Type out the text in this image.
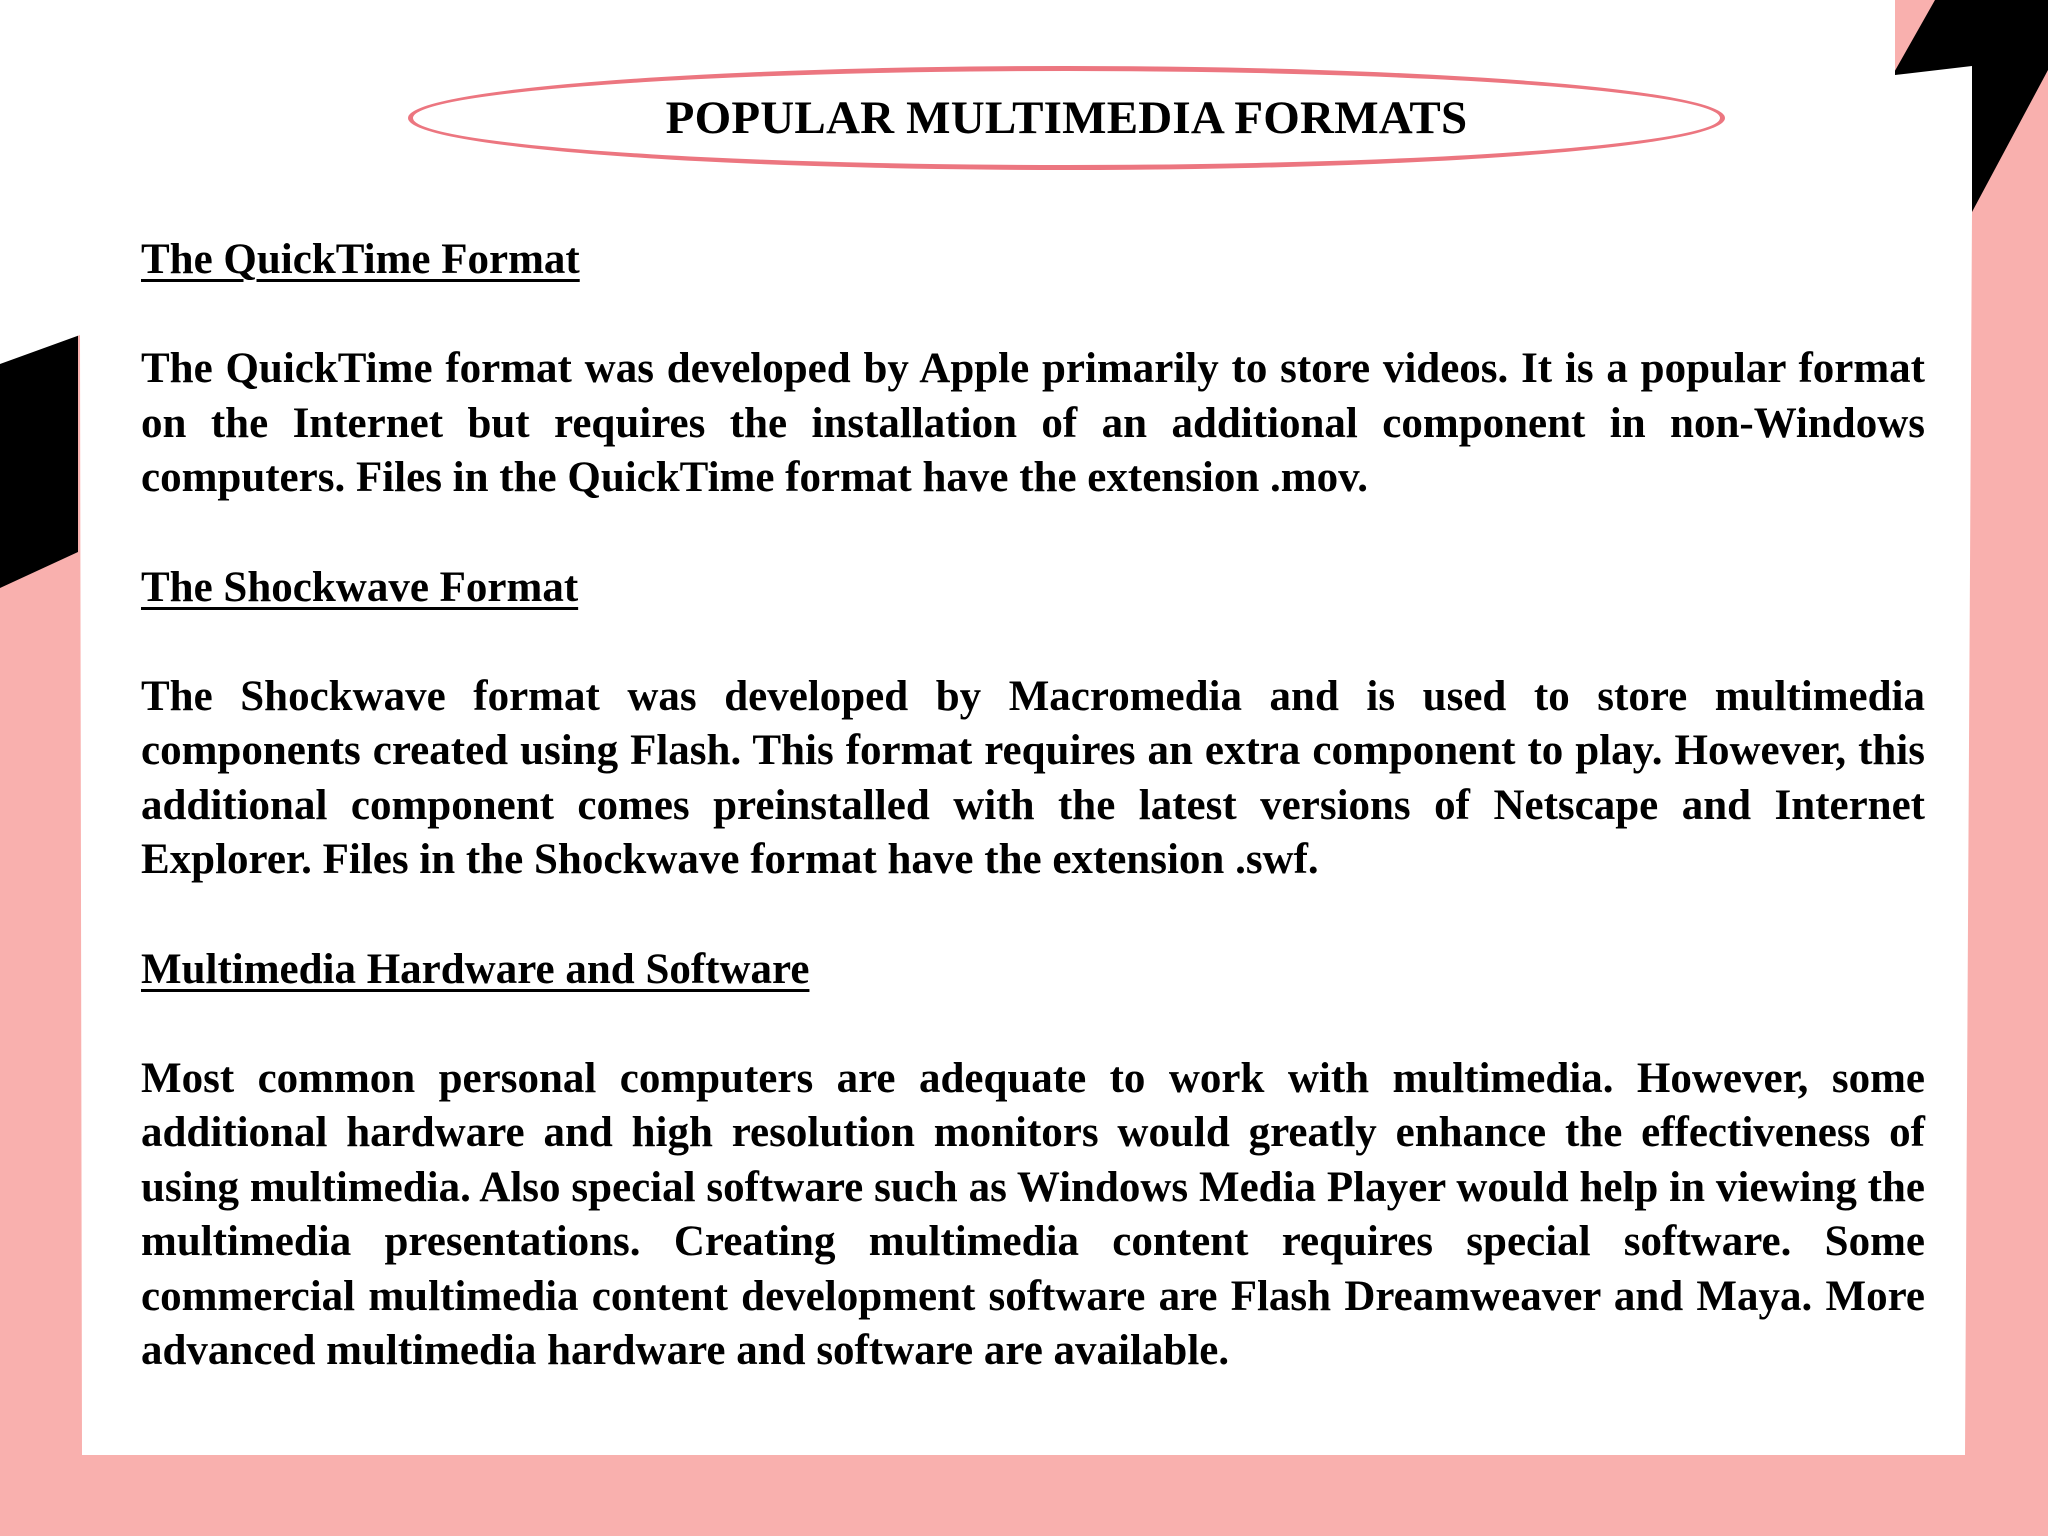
POPULAR MULTIMEDIA FORMATS
The QuickTime Format

The QuickTime format was developed by Apple primarily to store videos. It is a popular format on the Internet but requires the installation of an additional component in non-Windows computers. Files in the QuickTime format have the extension .mov.

The Shockwave Format

The Shockwave format was developed by Macromedia and is used to store multimedia components created using Flash. This format requires an extra component to play. However, this additional component comes preinstalled with the latest versions of Netscape and Internet Explorer. Files in the Shockwave format have the extension .swf.

Multimedia Hardware and Software

Most common personal computers are adequate to work with multimedia. However, some additional hardware and high resolution monitors would greatly enhance the effectiveness of using multimedia. Also special software such as Windows Media Player would help in viewing the multimedia presentations. Creating multimedia content requires special software. Some commercial multimedia content development software are Flash Dreamweaver and Maya. More advanced multimedia hardware and software are available.
